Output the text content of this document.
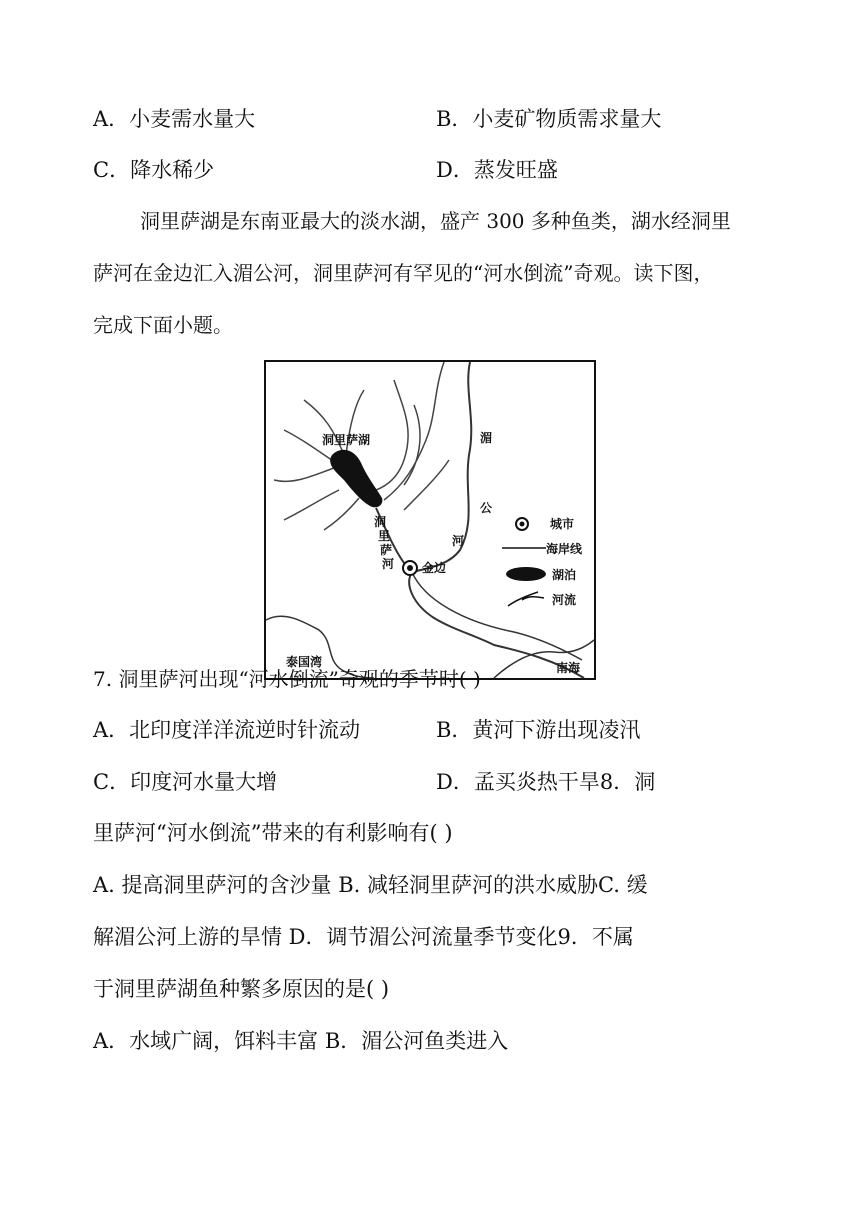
A．小麦需水量大	B．小麦矿物质需求量大
C．降水稀少	D．蒸发旺盛
洞里萨湖是东南亚最大的淡水湖，盛产 300 多种鱼类，湖水经洞里
萨河在金边汇入湄公河，洞里萨河有罕见的“河水倒流”奇观。读下图，
完成下面小题。
洞里萨湖	湄
公
河
洞
里
萨
河 金边
泰国湾	南海
城市
海岸线
湖泊
河流
7. 洞里萨河出现“河水倒流”奇观的季节时( )
A．北印度洋洋流逆时针流动	B．黄河下游出现凌汛
C．印度河水量大增	D．孟买炎热干旱8．洞
里萨河“河水倒流”带来的有利影响有( )
A. 提高洞里萨河的含沙量 B. 减轻洞里萨河的洪水威胁C. 缓
解湄公河上游的旱情 D．调节湄公河流量季节变化9．不属
于洞里萨湖鱼种繁多原因的是( )
A．水域广阔，饵料丰富 B．湄公河鱼类进入
